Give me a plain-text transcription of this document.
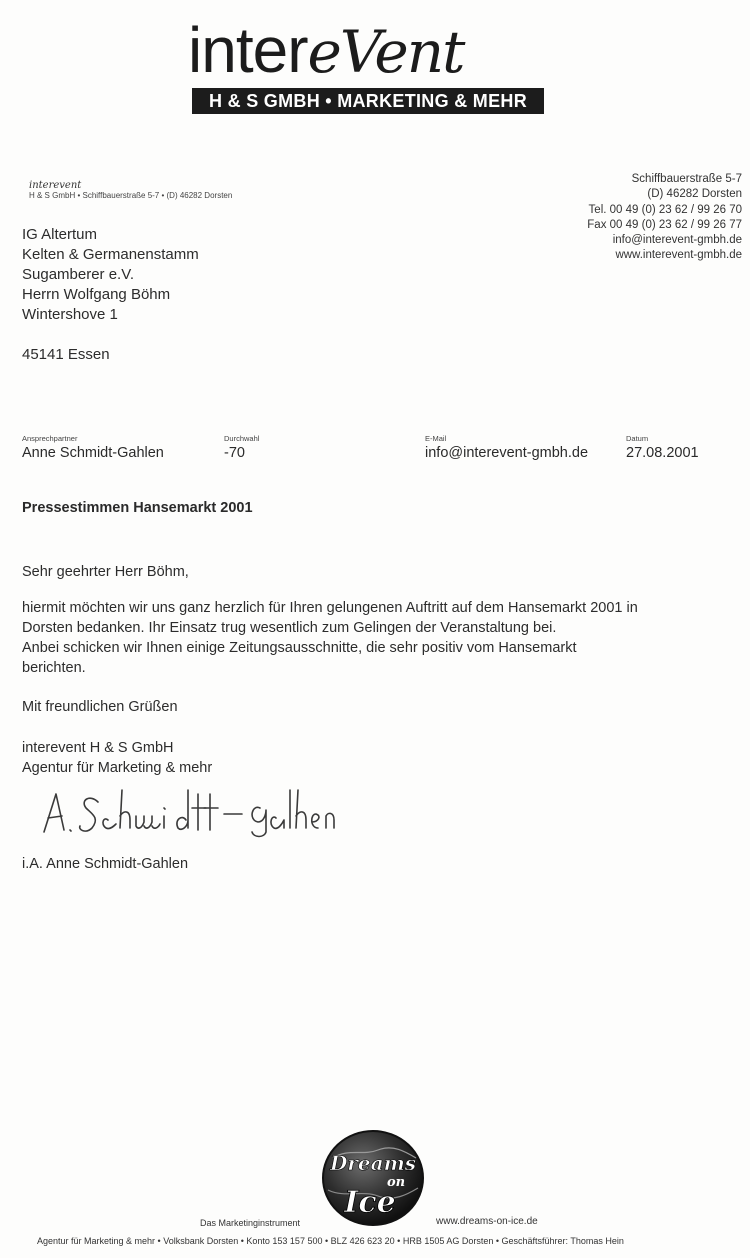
intereVent
H & S GMBH • MARKETING & MEHR
interevent
H & S GmbH • Schiffbauerstraße 5-7 • (D) 46282 Dorsten
Schiffbauerstraße 5-7
(D) 46282 Dorsten
Tel. 00 49 (0) 23 62 / 99 26 70
Fax 00 49 (0) 23 62 / 99 26 77
info@interevent-gmbh.de
www.interevent-gmbh.de
IG Altertum
Kelten & Germanenstamm
Sugamberer e.V.
Herrn Wolfgang Böhm
Wintershove 1
45141 Essen
Ansprechpartner
Anne Schmidt-Gahlen
Durchwahl
-70
E-Mail
info@interevent-gmbh.de
Datum
27.08.2001
Pressestimmen Hansemarkt 2001
Sehr geehrter Herr Böhm,

hiermit möchten wir uns ganz herzlich für Ihren gelungenen Auftritt auf dem Hansemarkt 2001 in

Dorsten bedanken. Ihr Einsatz trug wesentlich zum Gelingen der Veranstaltung bei.

Anbei schicken wir Ihnen einige Zeitungsausschnitte, die sehr positiv vom Hansemarkt

berichten.

Mit freundlichen Grüßen
interevent H & S GmbH
Agentur für Marketing & mehr
i.A. Anne Schmidt-Gahlen
Dreams
on
Ice
Das Marketinginstrument	www.dreams-on-ice.de
Agentur für Marketing & mehr • Volksbank Dorsten • Konto 153 157 500 • BLZ 426 623 20 • HRB 1505 AG Dorsten • Geschäftsführer: Thomas Hein
